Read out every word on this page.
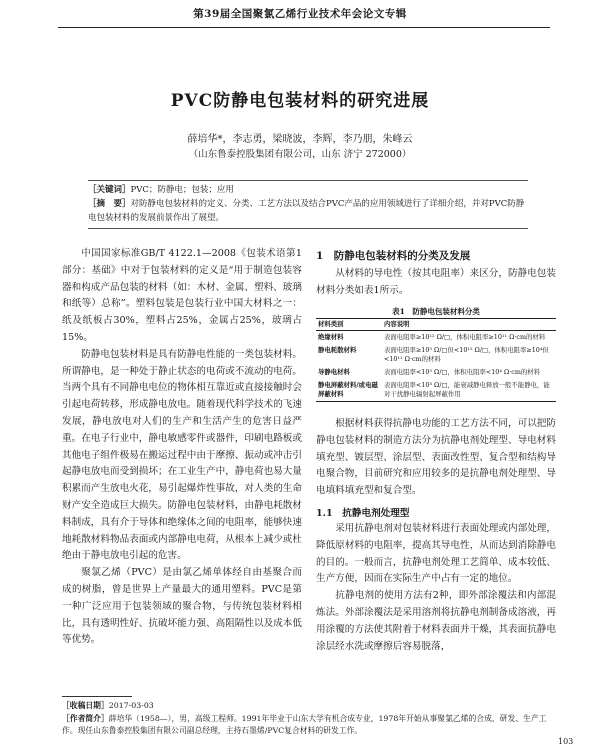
第39届全国聚氯乙烯行业技术年会论文专辑
PVC防静电包装材料的研究进展
薛培华*，李志勇，梁晓波，李辉，李乃朋，朱峰云
（山东鲁泰控股集团有限公司，山东 济宁 272000）
［关键词］PVC；防静电；包装；应用
［摘　要］对防静电包装材料的定义、分类、工艺方法以及结合PVC产品的应用领域进行了详细介绍，并对PVC防静电包装材料的发展前景作出了展望。

中国国家标准GB/T 4122.1—2008《包装术语第1部分：基础》中对于包装材料的定义是“用于制造包装容器和构成产品包装的材料（如：木材、金属、塑料、玻璃和纸等）总称”。塑料包装是包装行业中国大材料之一：纸及纸板占30%，塑料占25%，金属占25%，玻璃占15%。

防静电包装材料是具有防静电性能的一类包装材料。所谓静电，是一种处于静止状态的电荷或不流动的电荷。当两个具有不同静电电位的物体相互靠近或直接接触时会引起电荷转移，形成静电放电。随着现代科学技术的飞速发展，静电放电对人们的生产和生活产生的危害日益严重。在电子行业中，静电敏感零件或器件，印刷电路板或其他电子组件极易在搬运过程中由于摩擦、振动或冲击引起静电放电而受到损坏；在工业生产中，静电荷也易大量积累而产生放电火花，易引起爆炸性事故，对人类的生命财产安全造成巨大损失。防静电包装材料，由静电耗散材料制成，具有介于导体和绝缘体之间的电阻率，能够快速地耗散材料物品表面或内部静电电荷，从根本上减少或杜绝由于静电放电引起的危害。

聚氯乙烯（PVC）是由氯乙烯单体经自由基聚合而成的树脂，曾是世界上产量最大的通用塑料。PVC是第一种广泛应用于包装领域的聚合物，与传统包装材料相比，具有透明性好、抗破坏能力强、高阻隔性以及成本低等优势。

1　防静电包装材料的分类及发展

从材料的导电性（按其电阻率）来区分，防静电包装材料分类如表1所示。

表1　防静电包装材料分类
材料类别	内容说明
绝缘材料	表面电阻率≥10¹² Ω/□，体积电阻率≥10¹¹ Ω·cm的材料
静电耗散材料	表面电阻率≥10⁵ Ω/□但<10¹² Ω/□，体积电阻率≥10⁴但<10¹¹ Ω·cm的材料
导静电材料	表面电阻率<10⁵ Ω/□，体积电阻率<10⁴ Ω·cm的材料
静电屏蔽材料/或电磁屏蔽材料	表面电阻率<10³ Ω/□，能衰减静电释放一般不能静电，能对干扰静电辐射起屏蔽作用

根据材料获得抗静电功能的工艺方法不同，可以把防静电包装材料的制造方法分为抗静电剂处理型、导电材料填充型、镀层型、涂层型、表面改性型、复合型和结构导电聚合物，目前研究和应用较多的是抗静电剂处理型、导电填料填充型和复合型。

1.1　抗静电剂处理型

采用抗静电剂对包装材料进行表面处理或内部处理，降低原材料的电阻率，提高其导电性，从而达到消除静电的目的。一般而言，抗静电剂处理工艺简单、成本较低、生产方便，因而在实际生产中占有一定的地位。

抗静电剂的使用方法有2种，即外部涂覆法和内部混炼法。外部涂覆法是采用溶剂将抗静电剂制备成溶液，再用涂覆的方法使其附着于材料表面并干燥，其表面抗静电涂层经水洗或摩擦后容易脱落，

［收稿日期］2017-03-03
［作者简介］薛培华（1958—），男，高级工程师。1991年毕业于山东大学有机合成专业，1978年开始从事聚氯乙烯的合成、研发、生产工作。现任山东鲁泰控股集团有限公司副总经理，主持石墨烯/PVC复合材料的研发工作。
103
